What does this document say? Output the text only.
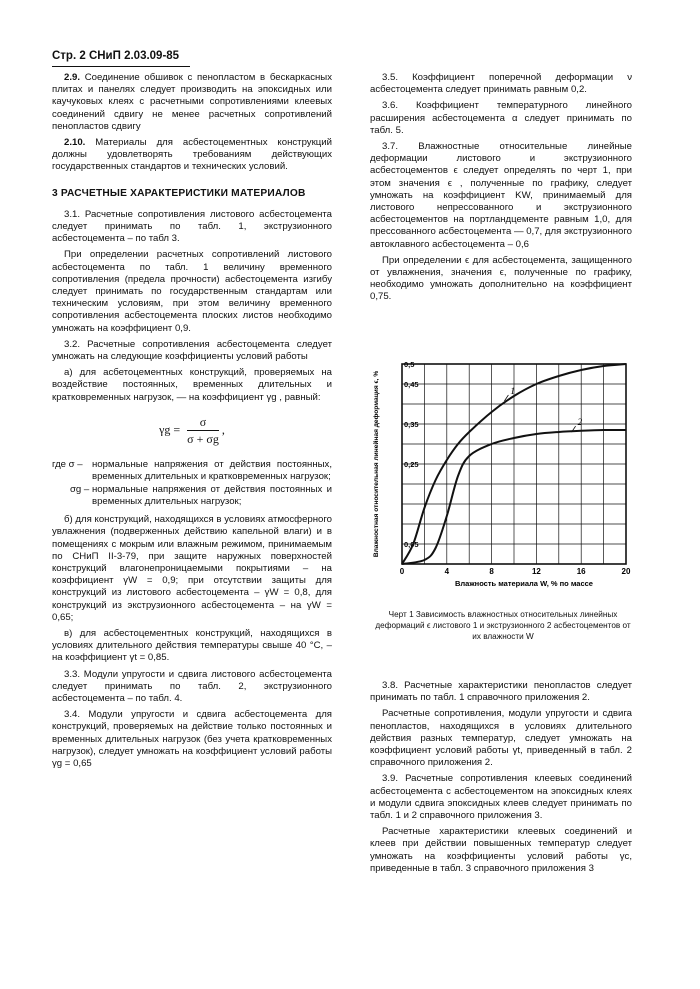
Стр. 2 СНиП 2.03.09-85

2.9. Соединение обшивок с пенопластом в бескаркасных плитах и панелях следует производить на эпоксидных или каучуковых клеях с расчетными сопротивлениями клеевых соединений сдвигу не менее расчетных сопротивлений пенопластов сдвигу

2.10. Материалы для асбестоцементных конструкций должны удовлетворять требованиям действующих государственных стандартов и технических условий.

3 РАСЧЕТНЫЕ ХАРАКТЕРИСТИКИ МАТЕРИАЛОВ

3.1. Расчетные сопротивления листового асбестоцемента следует принимать по табл. 1, экструзионного асбестоцемента – по табл 3.

При определении расчетных сопротивлений листового асбестоцемента по табл. 1 величину временного сопротивления (предела прочности) асбестоцемента изгибу следует принимать по государственным стандартам или техническим условиям, при этом величину временного сопротивления асбестоцемента плоских листов необходимо умножать на коэффициент 0,9.

3.2. Расчетные сопротивления асбестоцемента следует умножать на следующие коэффициенты условий работы

а) для асбетоцементных конструкций, проверяемых на воздействие постоянных, временных длительных и кратковременных нагрузок, — на коэффициент γg , равный:

$\gamma g = \frac{\sigma}{\sigma + \sigma g}$ ,
где σ – нормальные напряжения от действия постоянных, временных длительных и кратковременных нагрузок;
σg – нормальные напряжения от действия постоянных и временных длительных нагрузок;

б) для конструкций, находящихся в условиях атмосферного увлажнения (подверженных действию капельной влаги) и в помещениях с мокрым или влажным режимом, принимаемым по СНиП II-3-79, при защите наружных поверхностей конструкций влагонепроницаемыми покрытиями – на коэффициент γW = 0,9; при отсутствии защиты для конструкций из листового асбестоцемента – γW = 0,8, для конструкций из экструзионного асбестоцемента – на γW = 0,65;

в) для асбестоцементных конструкций, находящихся в условиях длительного действия температуры свыше 40 °С, – на коэффициент γt = 0,85.

3.3. Модули упругости и сдвига листового асбестоцемента следует принимать по табл. 2, экструзионного асбестоцемента – по табл. 4.

3.4. Модули упругости и сдвига асбестоцемента для конструкций, проверяемых на действие только постоянных и временных длительных нагрузок (без учета кратковременных нагрузок), следует умножать на коэффициент условий работы γg = 0,65

3.5. Коэффициент поперечной деформации ν асбестоцемента следует принимать равным 0,2.

3.6. Коэффициент температурного линейного расширения асбестоцемента α следует принимать по табл. 5.

3.7. Влажностные относительные линейные деформации листового и экструзионного асбестоцементов ϵ следует определять по черт 1, при этом значения ϵ , полученные по графику, следует умножать на коэффициент KW, принимаемый для листового непрессованного и экструзионного асбестоцементов на портландцементе равным 1,0, для прессованного асбестоцемента — 0,7, для экструзионного автоклавного асбестоцемента – 0,6

При определении ϵ для асбестоцемента, защищенного от увлажнения, значения ϵ, полученные по графику, необходимо умножать дополнительно на коэффициент 0,75.

0	4	8	12	16	20
0,05
0,25
0,35
0,45
0,5
Влажность материала W, % по массе
Влажностная относительная линейная деформация ϵ, %	1
2
Черт 1 Зависимость влажностных относительных линейных деформаций ϵ листового 1 и экструзионного 2 асбестоцементов от их влажности W

3.8. Расчетные характеристики пенопластов следует принимать по табл. 1 справочного приложения 2.

Расчетные сопротивления, модули упругости и сдвига пенопластов, находящихся в условиях длительного действия разных температур, следует умножать на коэффициент условий работы γt, приведенный в табл. 2 справочного приложения 2.

3.9. Расчетные сопротивления клеевых соединений асбестоцемента с асбестоцементом на эпоксидных клеях и модули сдвига эпоксидных клеев следует принимать по табл. 1 и 2 справочного приложения 3.

Расчетные характеристики клеевых соединений и клеев при действии повышенных температур следует умножать на коэффициенты условий работы γc, приведенные в табл. 3 справочного приложения 3
